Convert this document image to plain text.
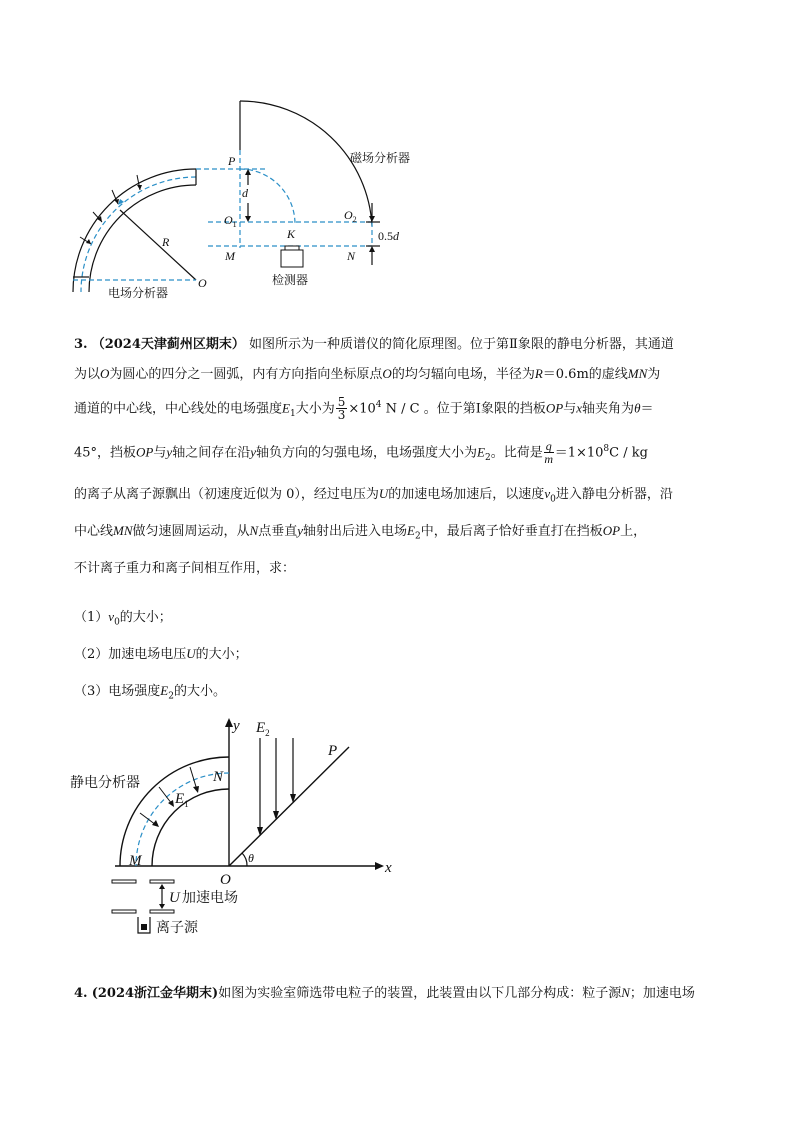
P
d
$O_1$
$O_2$
M	N
K
R
O
0.5d
磁场分析器
电场分析器
检测器
3. （2024天津蓟州区期末） 如图所示为一种质谱仪的简化原理图。位于第Ⅱ象限的静电分析器，其通道
为以O为圆心的四分之一圆弧，内有方向指向坐标原点O的均匀辐向电场，半径为R＝0.6m的虚线MN为
通道的中心线，中心线处的电场强度$E_1$大小为 $\frac{5}{3} \times 10^4$ N / C 。位于第Ⅰ象限的挡板OP与x轴夹角为θ＝
45°，挡板OP与y轴之间存在沿y轴负方向的匀强电场，电场强度大小为$E_2$。比荷是 $\frac{q}{m} =1\times 10^8C$ / kg
的离子从离子源飘出（初速度近似为 0），经过电压为U的加速电场加速后，以速度$v_0$进入静电分析器，沿
中心线MN做匀速圆周运动，从N点垂直y轴射出后进入电场$E_2$中，最后离子恰好垂直打在挡板OP上，
不计离子重力和离子间相互作用，求：
$(1)v_0$的大小；
（2）加速电场电压U的大小；
（3）电场强度$E_2$的大小。
y $E_2$
P
N
$E_1$
M
O
x
θ
静电分析器
U 加速电场
离子源
4. (2024浙江金华期末)如图为实验室筛选带电粒子的装置，此装置由以下几部分构成：粒子源N；加速电场
